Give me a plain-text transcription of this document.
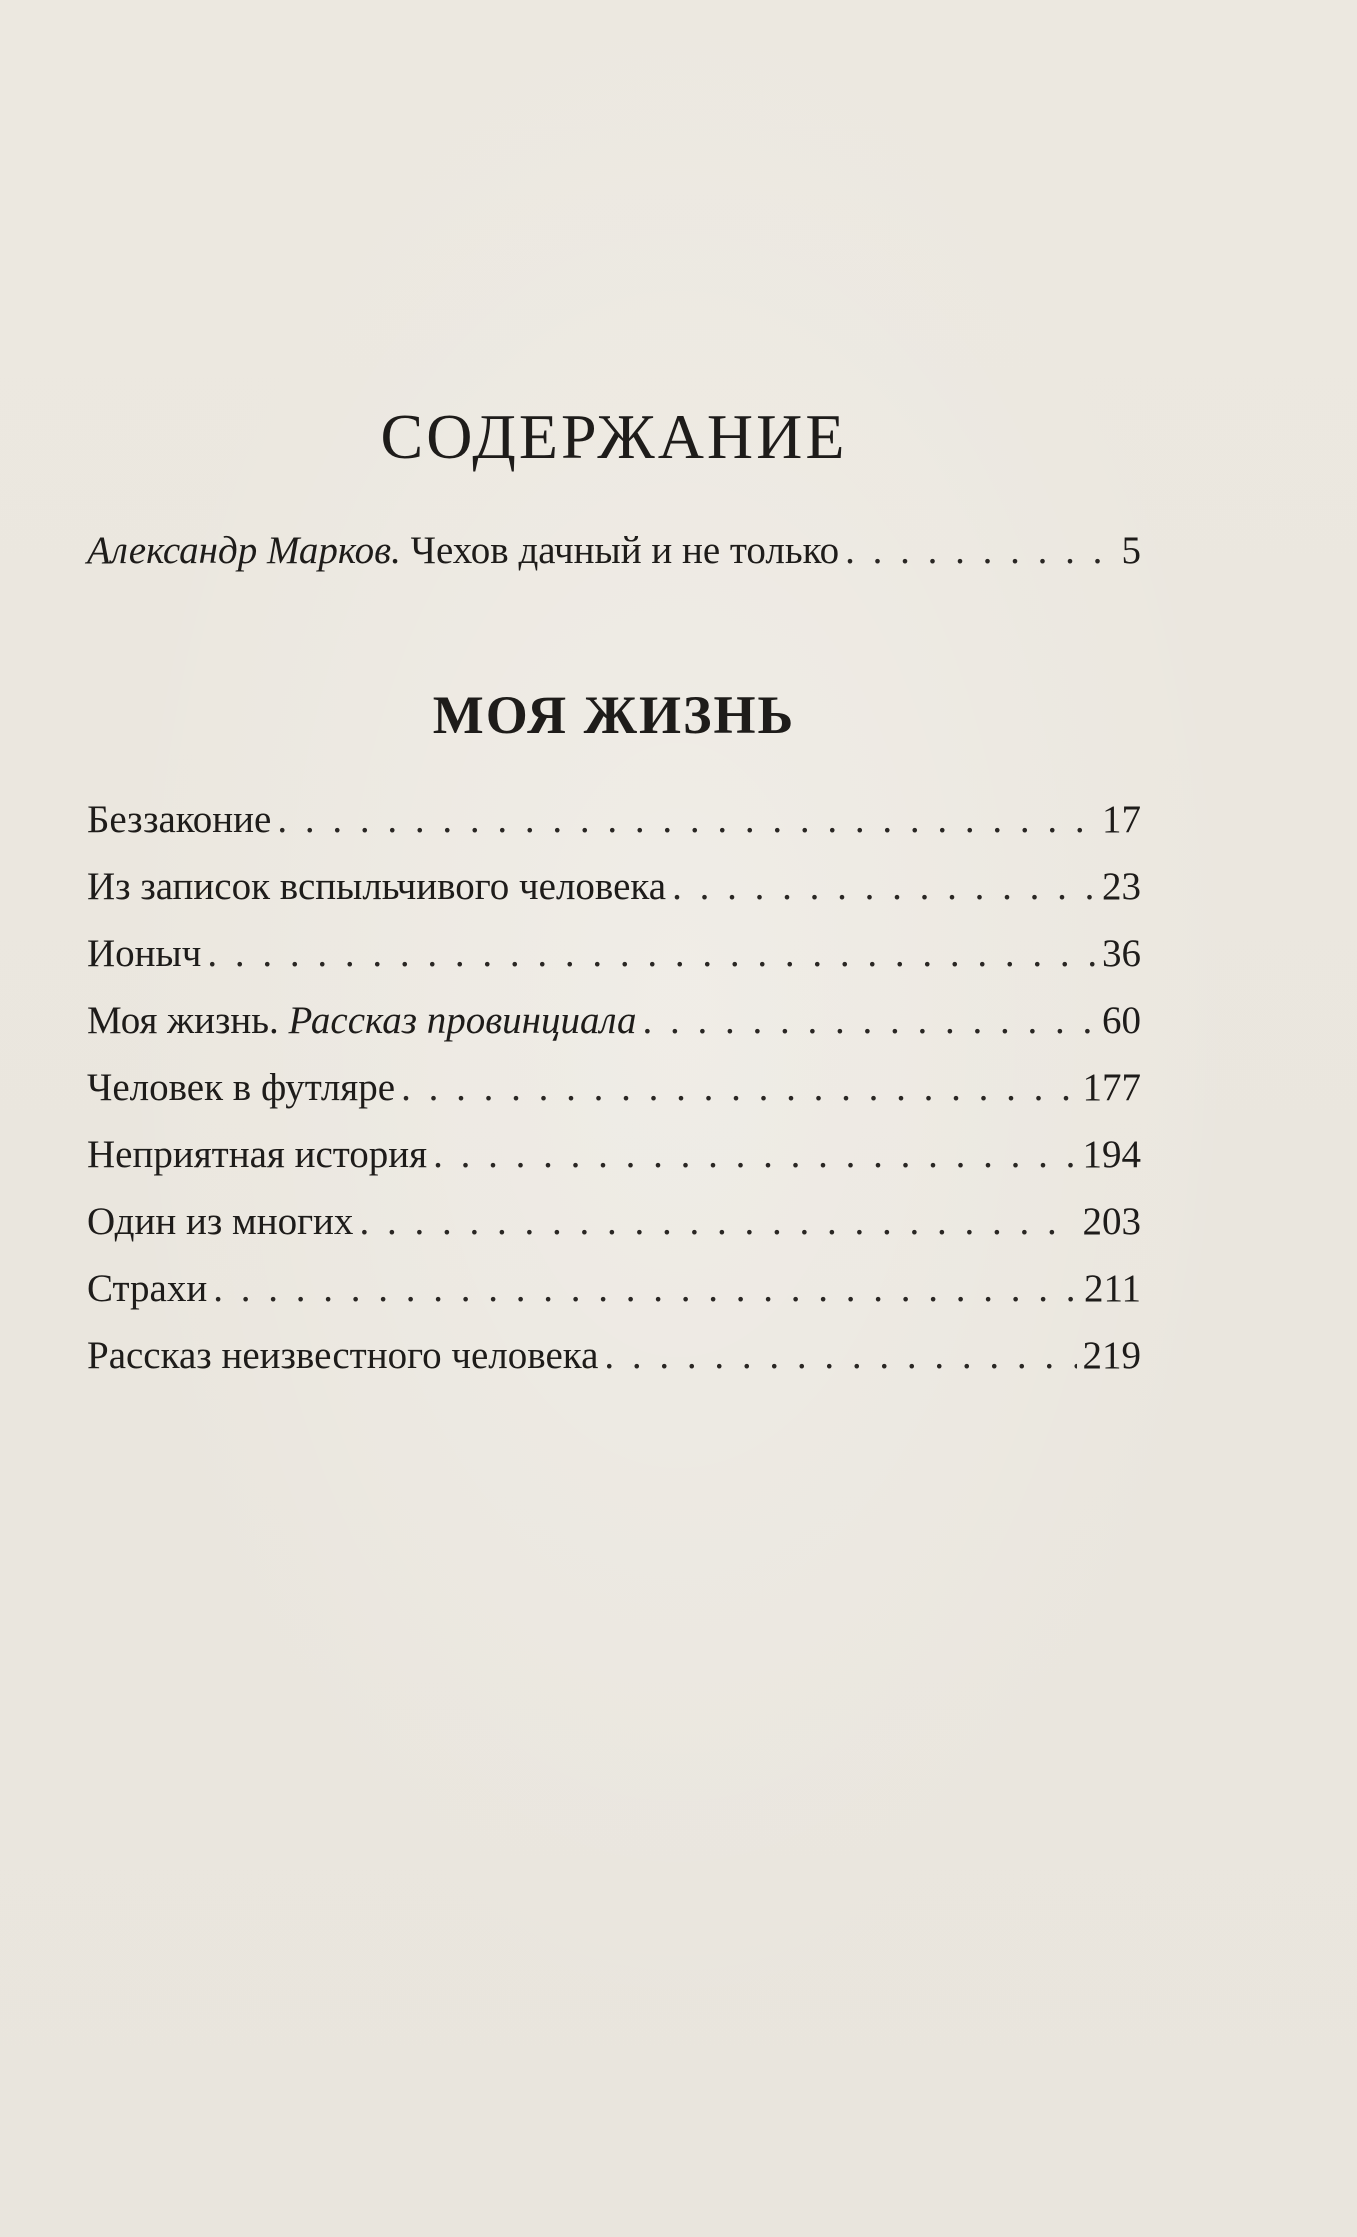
СОДЕРЖАНИЕ
Александр Марков. Чехов дачный и не только . . .	5
МОЯ ЖИЗНЬ
Беззаконие . . .	17
Из записок вспыльчивого человека . . .	23
Ионыч . . .	36
Моя жизнь. Рассказ провинциала . . .	60
Человек в футляре . . .	177
Неприятная история . . .	194
Один из многих . . .	203
Страхи . . .	211
Рассказ неизвестного человека . . .	219
